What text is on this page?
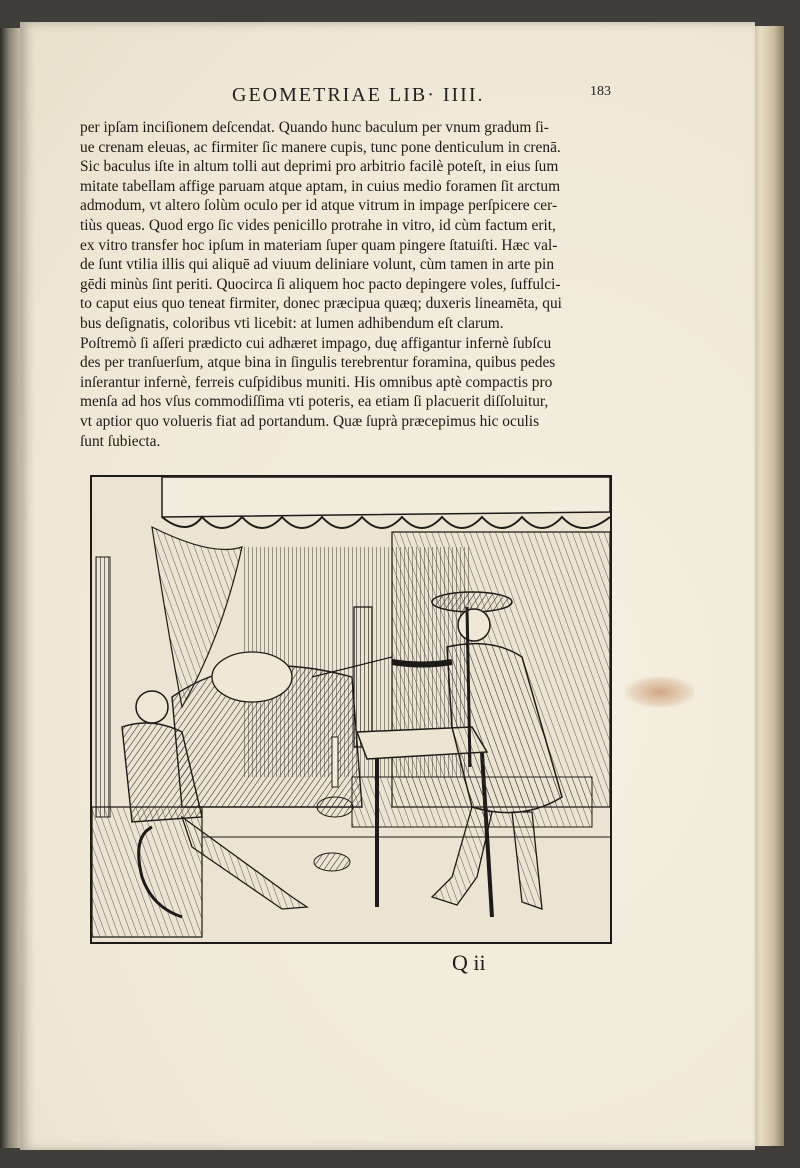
GEOMETRIAE LIB· IIII.	183
per ipſam inciſionem deſcendat. Quando hunc baculum per vnum gradum ſi-
ue crenam eleuas, ac firmiter ſic manere cupis, tunc pone denticulum in crenā.
Sic baculus iſte in altum tolli aut deprimi pro arbitrio facilè poteſt, in eius ſum
mitate tabellam affige paruam atque aptam, in cuius medio foramen ſit arctum
admodum, vt altero ſolùm oculo per id atque vitrum in impage perſpicere cer-
tiùs queas. Quod ergo ſic vides penicillo protrahe in vitro, id cùm factum erit,
ex vitro transfer hoc ipſum in materiam ſuper quam pingere ſtatuiſti. Hæc val-
de ſunt vtilia illis qui aliquē ad viuum deliniare volunt, cùm tamen in arte pin
gēdi minùs ſint periti. Quocirca ſi aliquem hoc pacto depingere voles, ſuffulci-
to caput eius quo teneat firmiter, donec præcipua quæq; duxeris lineamēta, qui
bus deſignatis, coloribus vti licebit: at lumen adhibendum eſt clarum.
Poſtremò ſi aſſeri prædicto cui adhæret impago, duę affigantur infernè ſubſcu
des per tranſuerſum, atque bina in ſingulis terebrentur foramina, quibus pedes
inſerantur infernè, ferreis cuſpidibus muniti. His omnibus aptè compactis pro
menſa ad hos vſus commodiſſima vti poteris, ea etiam ſi placuerit diſſoluitur,
vt aptior quo volueris fiat ad portandum. Quæ ſuprà præcepimus hic oculis
ſunt ſubiecta.
Q ii
